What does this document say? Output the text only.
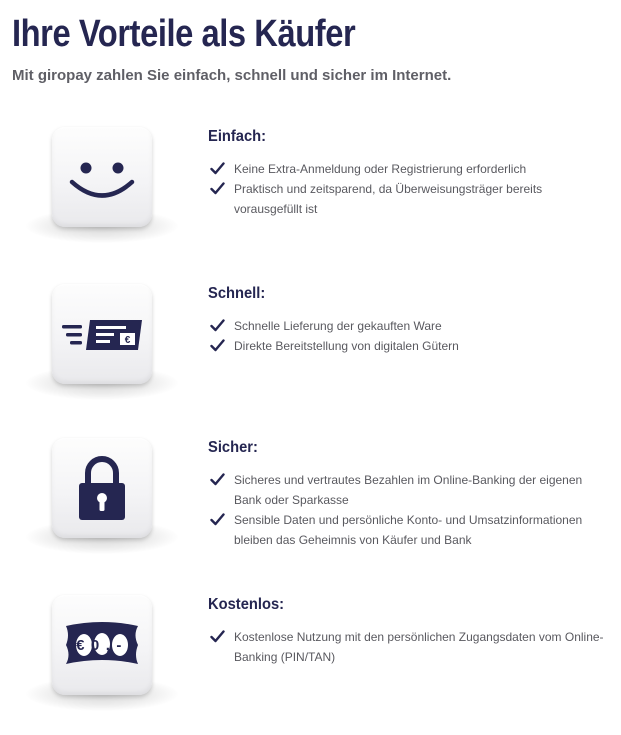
Ihre Vorteile als Käufer

Mit giropay zahlen Sie einfach, schnell und sicher im Internet.

Einfach:
Keine Extra-Anmeldung oder Registrierung erforderlich
Praktisch und zeitsparend, da Überweisungsträger bereits vorausgefüllt ist
€
Schnell:
Schnelle Lieferung der gekauften Ware
Direkte Bereitstellung von digitalen Gütern
Sicher:
Sicheres und vertrautes Bezahlen im Online-Banking der eigenen Bank oder Sparkasse
Sensible Daten und persönliche Konto- und Umsatzinformationen bleiben das Geheimnis von Käufer und Bank
€0,-
Kostenlos:
Kostenlose Nutzung mit den persönlichen Zugangsdaten vom Online-Banking (PIN/TAN)
